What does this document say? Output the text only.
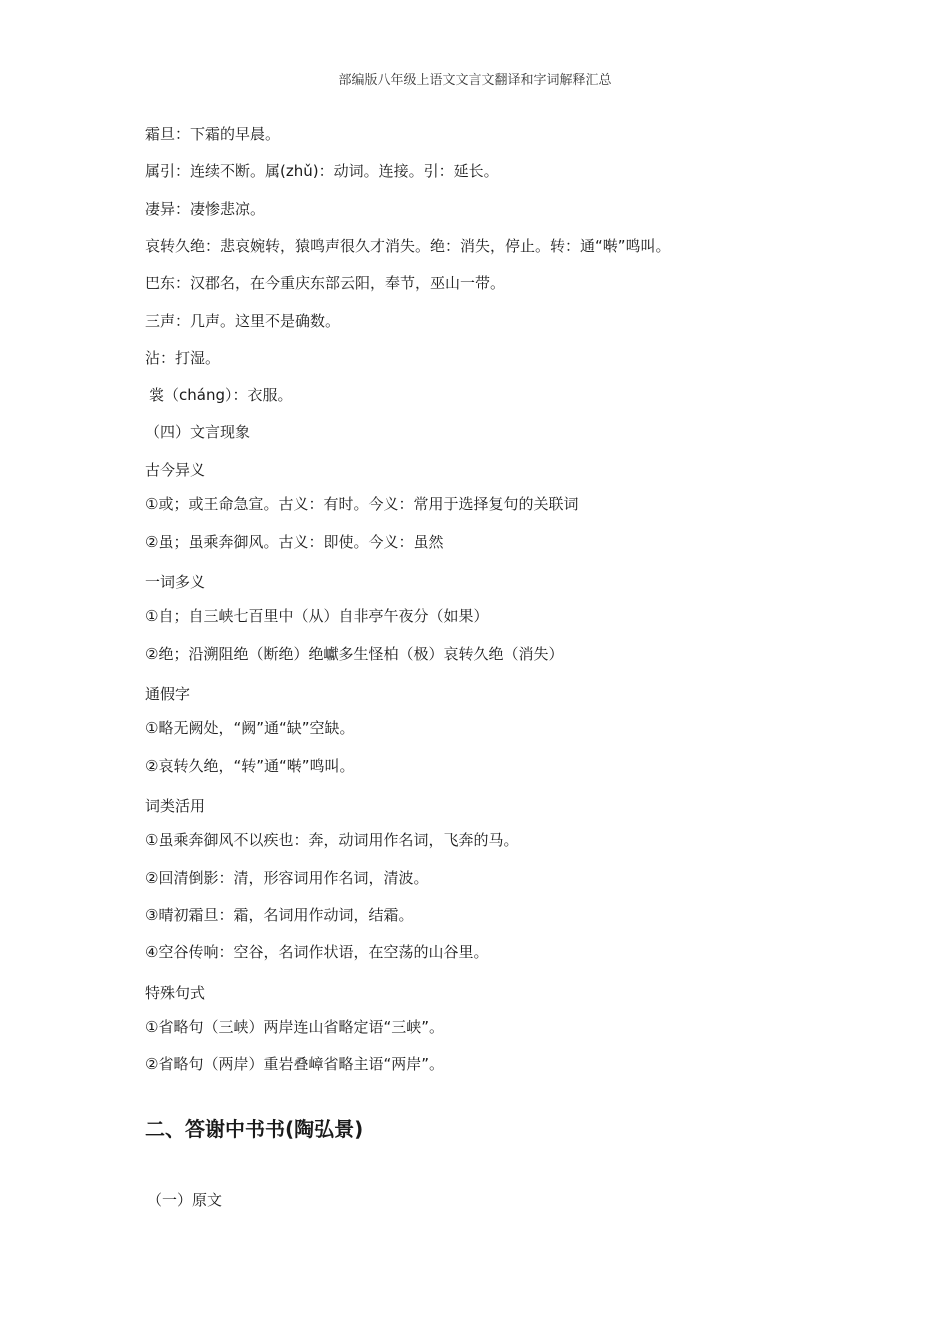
部编版八年级上语文文言文翻译和字词解释汇总
霜旦：下霜的早晨。
属引：连续不断。属(zhǔ)：动词。连接。引：延长。
凄异：凄惨悲凉。
哀转久绝：悲哀婉转，猿鸣声很久才消失。绝：消失，停止。转：通“啭”鸣叫。
巴东：汉郡名，在今重庆东部云阳，奉节，巫山一带。
三声：几声。这里不是确数。
沾：打湿。
裳（cháng）：衣服。
（四）文言现象
古今异义
①或；或王命急宣。古义：有时。今义：常用于选择复句的关联词
②虽；虽乘奔御风。古义：即使。今义：虽然
一词多义
①自；自三峡七百里中（从）自非亭午夜分（如果）
②绝；沿溯阻绝（断绝）绝巘多生怪柏（极）哀转久绝（消失）
通假字
①略无阙处，“阙”通“缺”空缺。
②哀转久绝，“转”通“啭”鸣叫。
词类活用
①虽乘奔御风不以疾也：奔，动词用作名词，飞奔的马。
②回清倒影：清，形容词用作名词，清波。
③晴初霜旦：霜，名词用作动词，结霜。
④空谷传响：空谷，名词作状语，在空荡的山谷里。
特殊句式
①省略句（三峡）两岸连山省略定语“三峡”。
②省略句（两岸）重岩叠嶂省略主语“两岸”。
二、答谢中书书(陶弘景)
（一）原文
